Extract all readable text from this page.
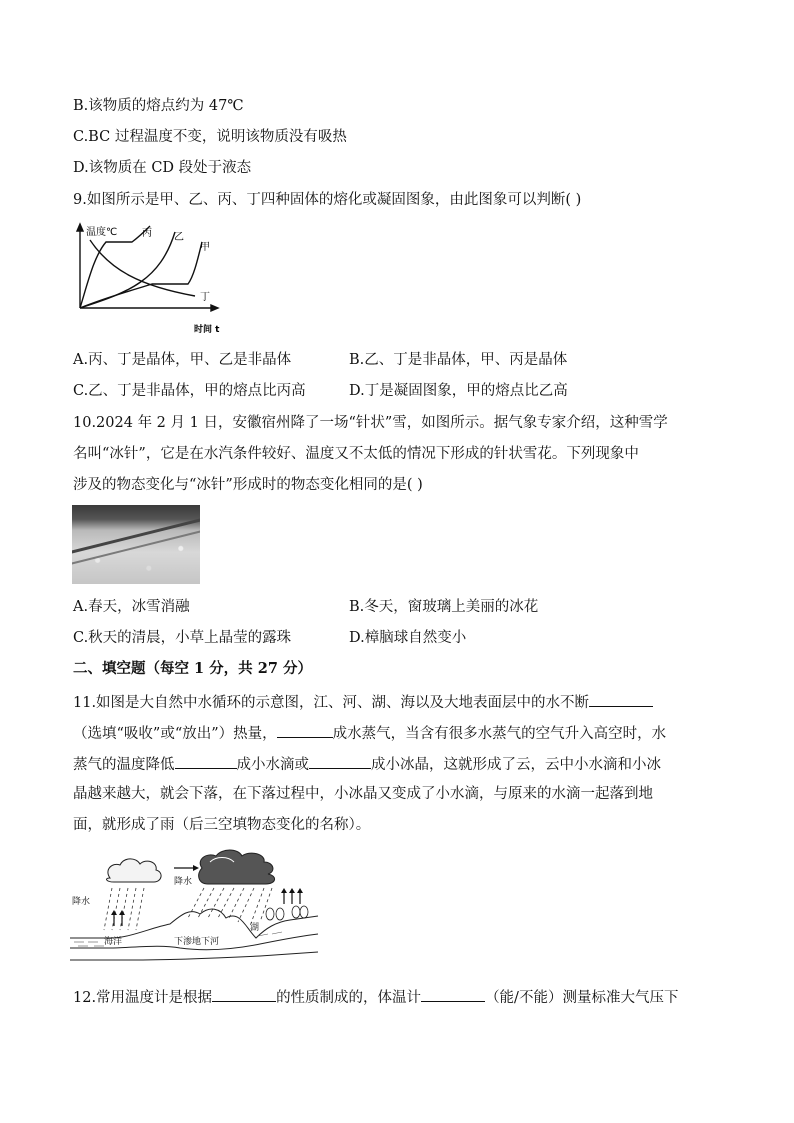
B.该物质的熔点约为 47℃
C.BC 过程温度不变，说明该物质没有吸热
D.该物质在 CD 段处于液态
9.如图所示是甲、乙、丙、丁四种固体的熔化或凝固图象，由此图象可以判断( )
温度℃ 丙 乙
甲
丁
时间 t
A.丙、丁是晶体，甲、乙是非晶体	B.乙、丁是非晶体，甲、丙是晶体
C.乙、丁是非晶体，甲的熔点比丙高	D.丁是凝固图象，甲的熔点比乙高
10.2024 年 2 月 1 日，安徽宿州降了一场“针状”雪，如图所示。据气象专家介绍，这种雪学
名叫“冰针”，它是在水汽条件较好、温度又不太低的情况下形成的针状雪花。下列现象中
涉及的物态变化与“冰针”形成时的物态变化相同的是( )
A.春天，冰雪消融	B.冬天，窗玻璃上美丽的冰花
C.秋天的清晨，小草上晶莹的露珠	D.樟脑球自然变小
二、填空题（每空 1 分，共 27 分）
11.如图是大自然中水循环的示意图，江、河、湖、海以及大地表面层中的水不断
（选填“吸收”或“放出”）热量，	成水蒸气，当含有很多水蒸气的空气升入高空时，水
蒸气的温度降低	成小水滴或	成小冰晶，这就形成了云，云中小水滴和小冰
晶越来越大，就会下落，在下落过程中，小冰晶又变成了小水滴，与原来的水滴一起落到地
面，就形成了雨（后三空填物态变化的名称）。
降水
降水
海洋	下渗地下河
湖
12.常用温度计是根据	的性质制成的，体温计	（能/不能）测量标准大气压下
